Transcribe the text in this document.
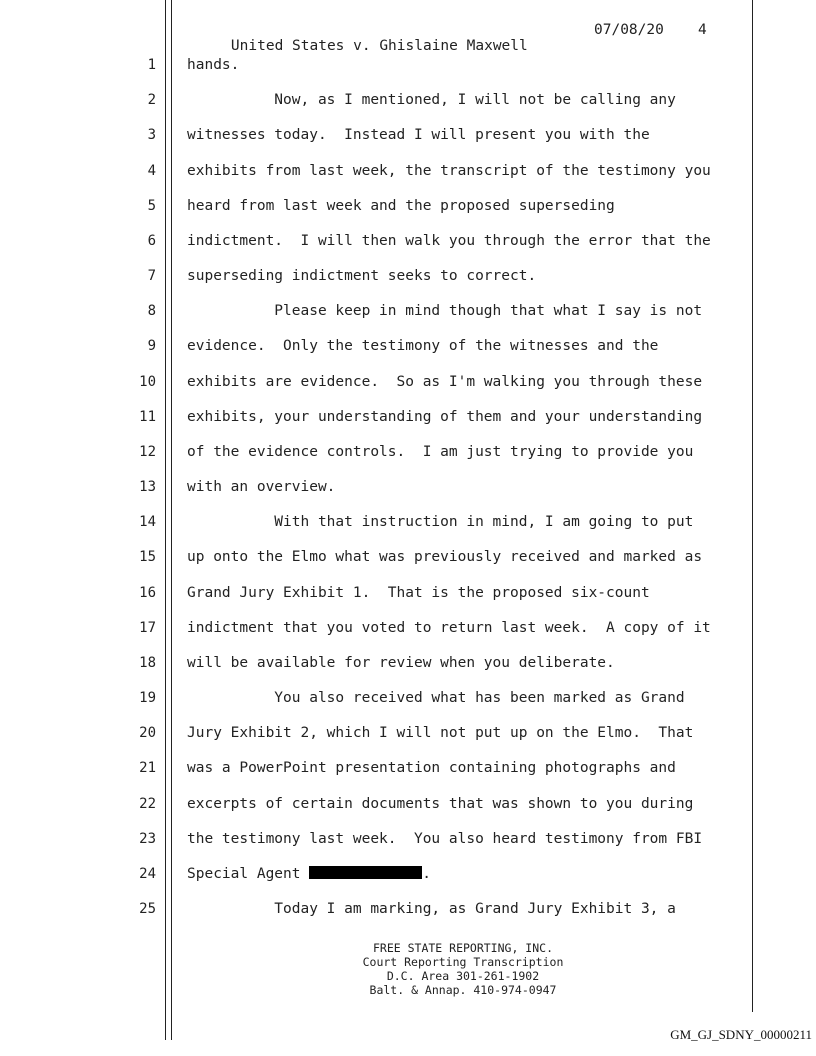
United States v. Ghislaine Maxwell

07/08/20

4

1 hands.
2 Now, as I mentioned, I will not be calling any
3 witnesses today.  Instead I will present you with the
4 exhibits from last week, the transcript of the testimony you
5 heard from last week and the proposed superseding
6 indictment.  I will then walk you through the error that the
7 superseding indictment seeks to correct.
8 Please keep in mind though that what I say is not
9 evidence.  Only the testimony of the witnesses and the
10 exhibits are evidence.  So as I'm walking you through these
11 exhibits, your understanding of them and your understanding
12 of the evidence controls.  I am just trying to provide you
13 with an overview.
14 With that instruction in mind, I am going to put
15 up onto the Elmo what was previously received and marked as
16 Grand Jury Exhibit 1.  That is the proposed six-count
17 indictment that you voted to return last week.  A copy of it
18 will be available for review when you deliberate.
19 You also received what has been marked as Grand
20 Jury Exhibit 2, which I will not put up on the Elmo.  That
21 was a PowerPoint presentation containing photographs and
22 excerpts of certain documents that was shown to you during
23 the testimony last week.  You also heard testimony from FBI
24 Special Agent	.
25 Today I am marking, as Grand Jury Exhibit 3, a
FREE STATE REPORTING, INC.
Court Reporting Transcription
D.C. Area 301-261-1902
Balt. & Annap. 410-974-0947
GM_GJ_SDNY_00000211
